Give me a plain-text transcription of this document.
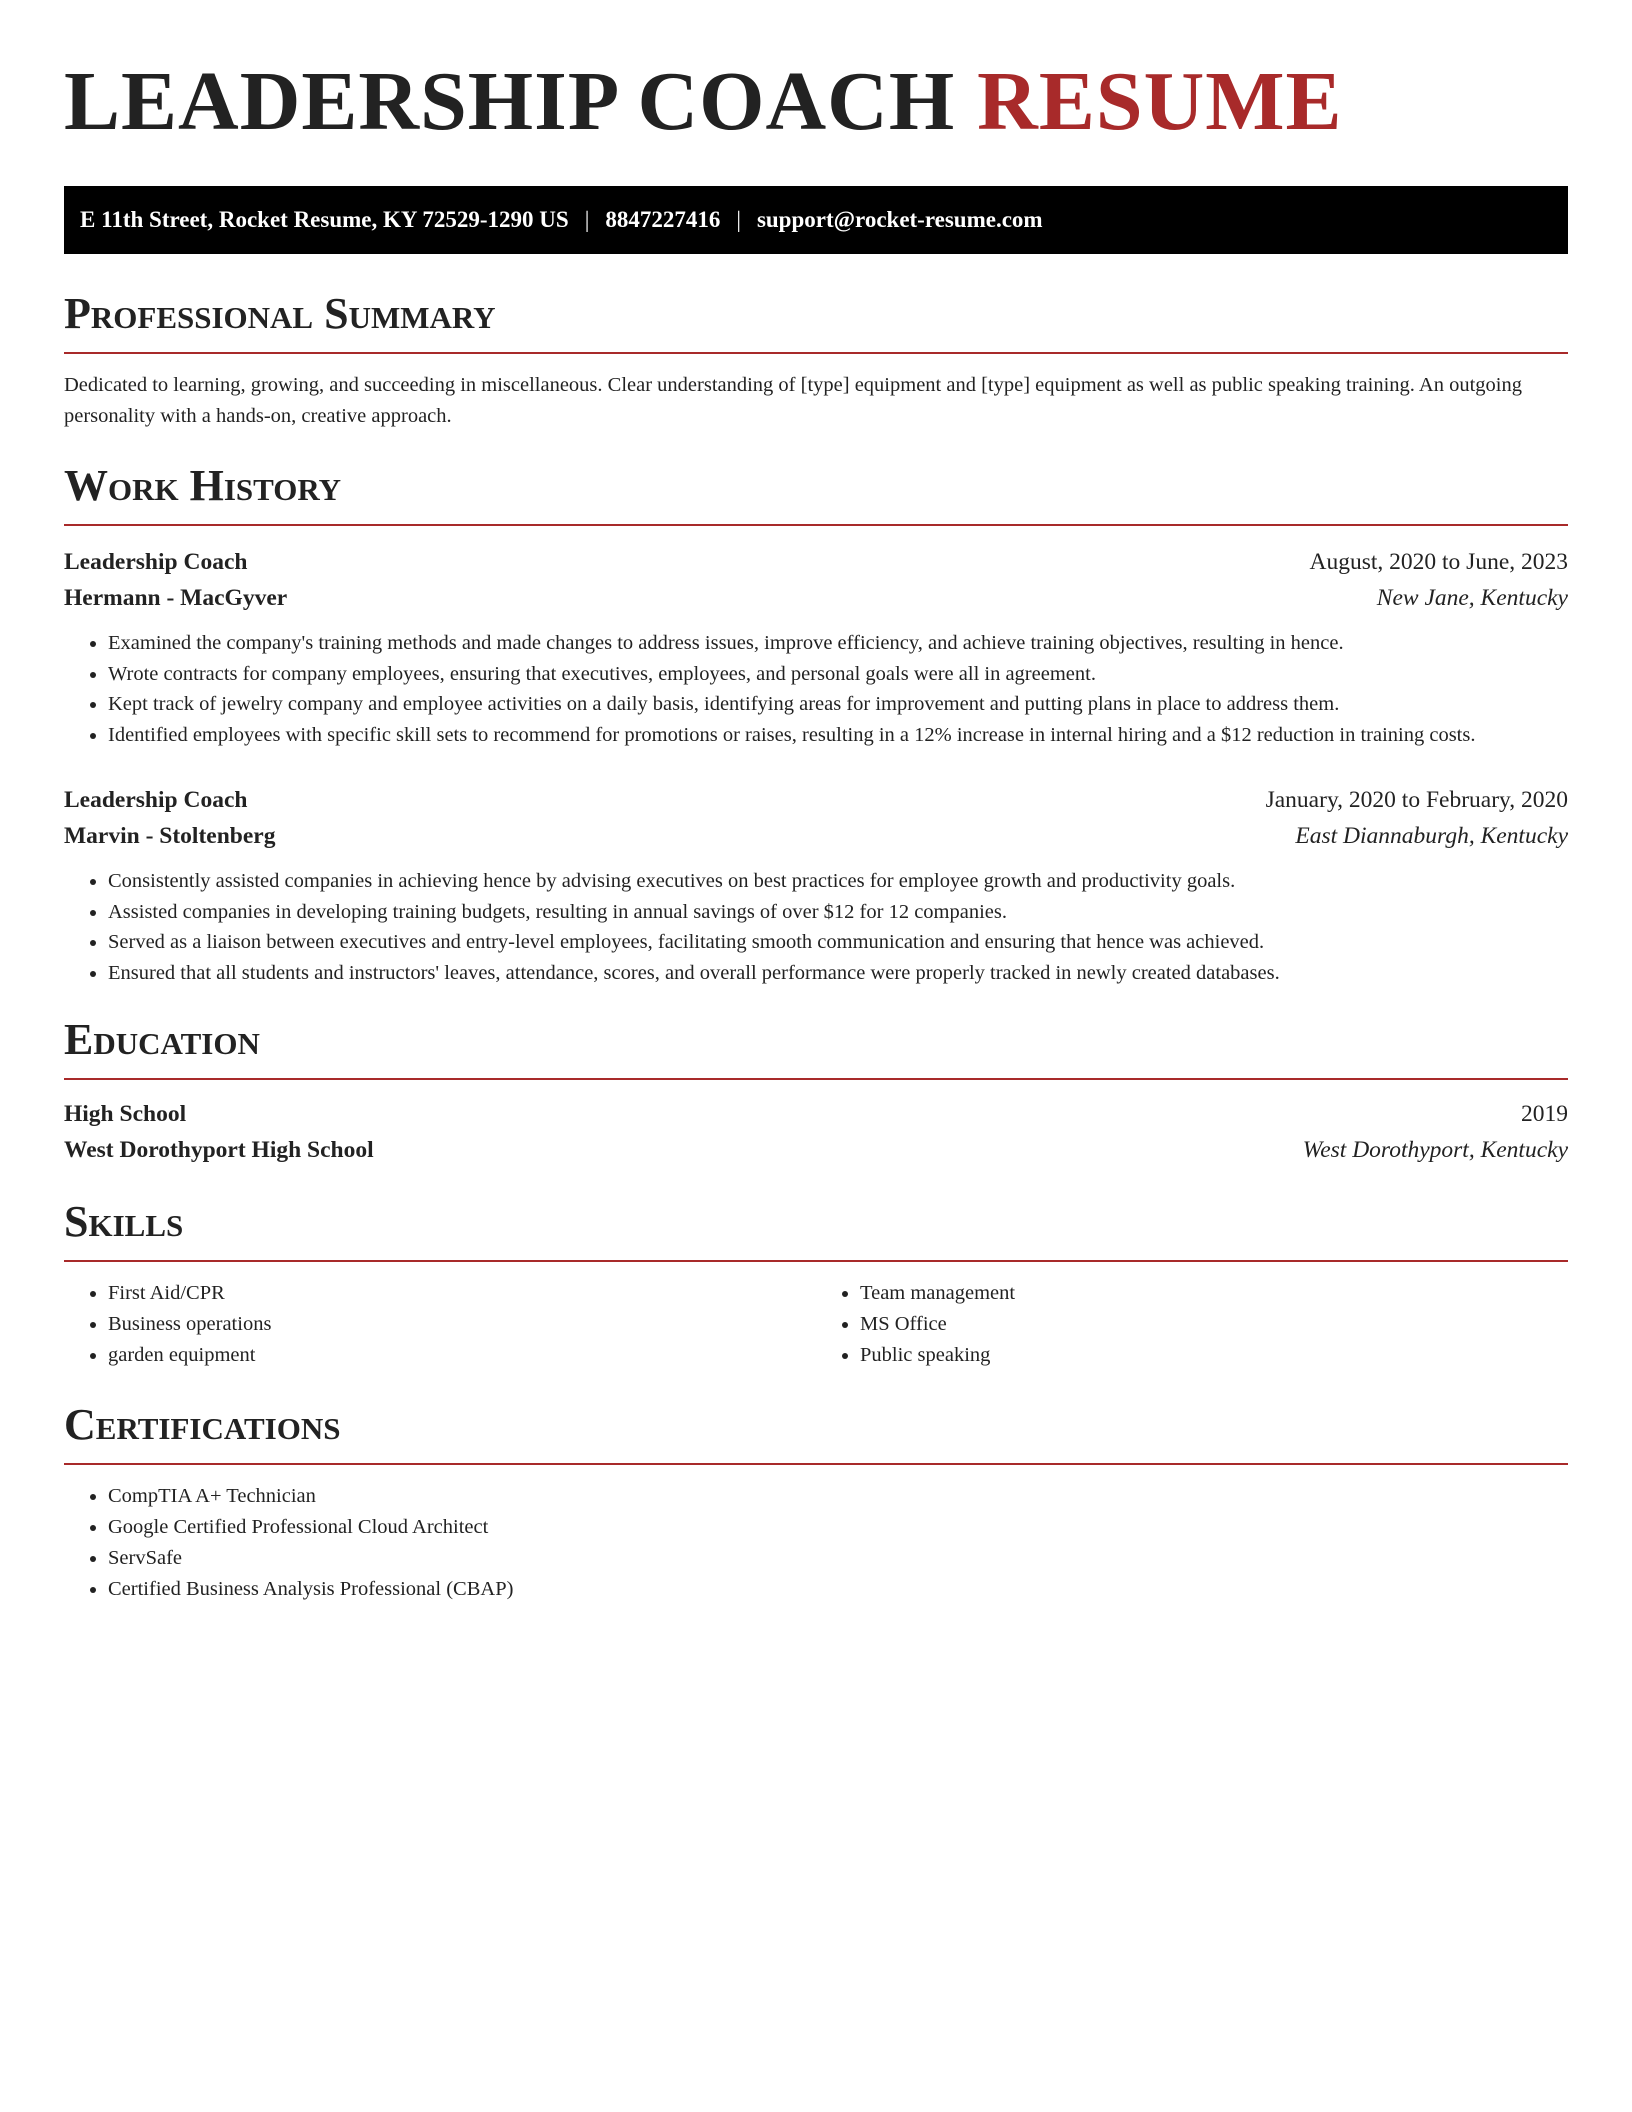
LEADERSHIP COACH RESUME
E 11th Street, Rocket Resume, KY 72529-1290 US | 8847227416 | support@rocket-resume.com
Professional Summary

Dedicated to learning, growing, and succeeding in miscellaneous. Clear understanding of [type] equipment and [type] equipment as well as public speaking training. An outgoing personality with a hands-on, creative approach.

Work History
Leadership Coach	August, 2020 to June, 2023
Hermann - MacGyver	New Jane, Kentucky
• Examined the company's training methods and made changes to address issues, improve efficiency, and achieve training objectives, resulting in hence.
• Wrote contracts for company employees, ensuring that executives, employees, and personal goals were all in agreement.
• Kept track of jewelry company and employee activities on a daily basis, identifying areas for improvement and putting plans in place to address them.
• Identified employees with specific skill sets to recommend for promotions or raises, resulting in a 12% increase in internal hiring and a $12 reduction in training costs.
Leadership Coach	January, 2020 to February, 2020
Marvin - Stoltenberg	East Diannaburgh, Kentucky
• Consistently assisted companies in achieving hence by advising executives on best practices for employee growth and productivity goals.
• Assisted companies in developing training budgets, resulting in annual savings of over $12 for 12 companies.
• Served as a liaison between executives and entry-level employees, facilitating smooth communication and ensuring that hence was achieved.
• Ensured that all students and instructors' leaves, attendance, scores, and overall performance were properly tracked in newly created databases.
Education
High School	2019
West Dorothyport High School	West Dorothyport, Kentucky
Skills
• First Aid/CPR
• Business operations
• garden equipment
• Team management
• MS Office
• Public speaking
Certifications
• CompTIA A+ Technician
• Google Certified Professional Cloud Architect
• ServSafe
• Certified Business Analysis Professional (CBAP)
